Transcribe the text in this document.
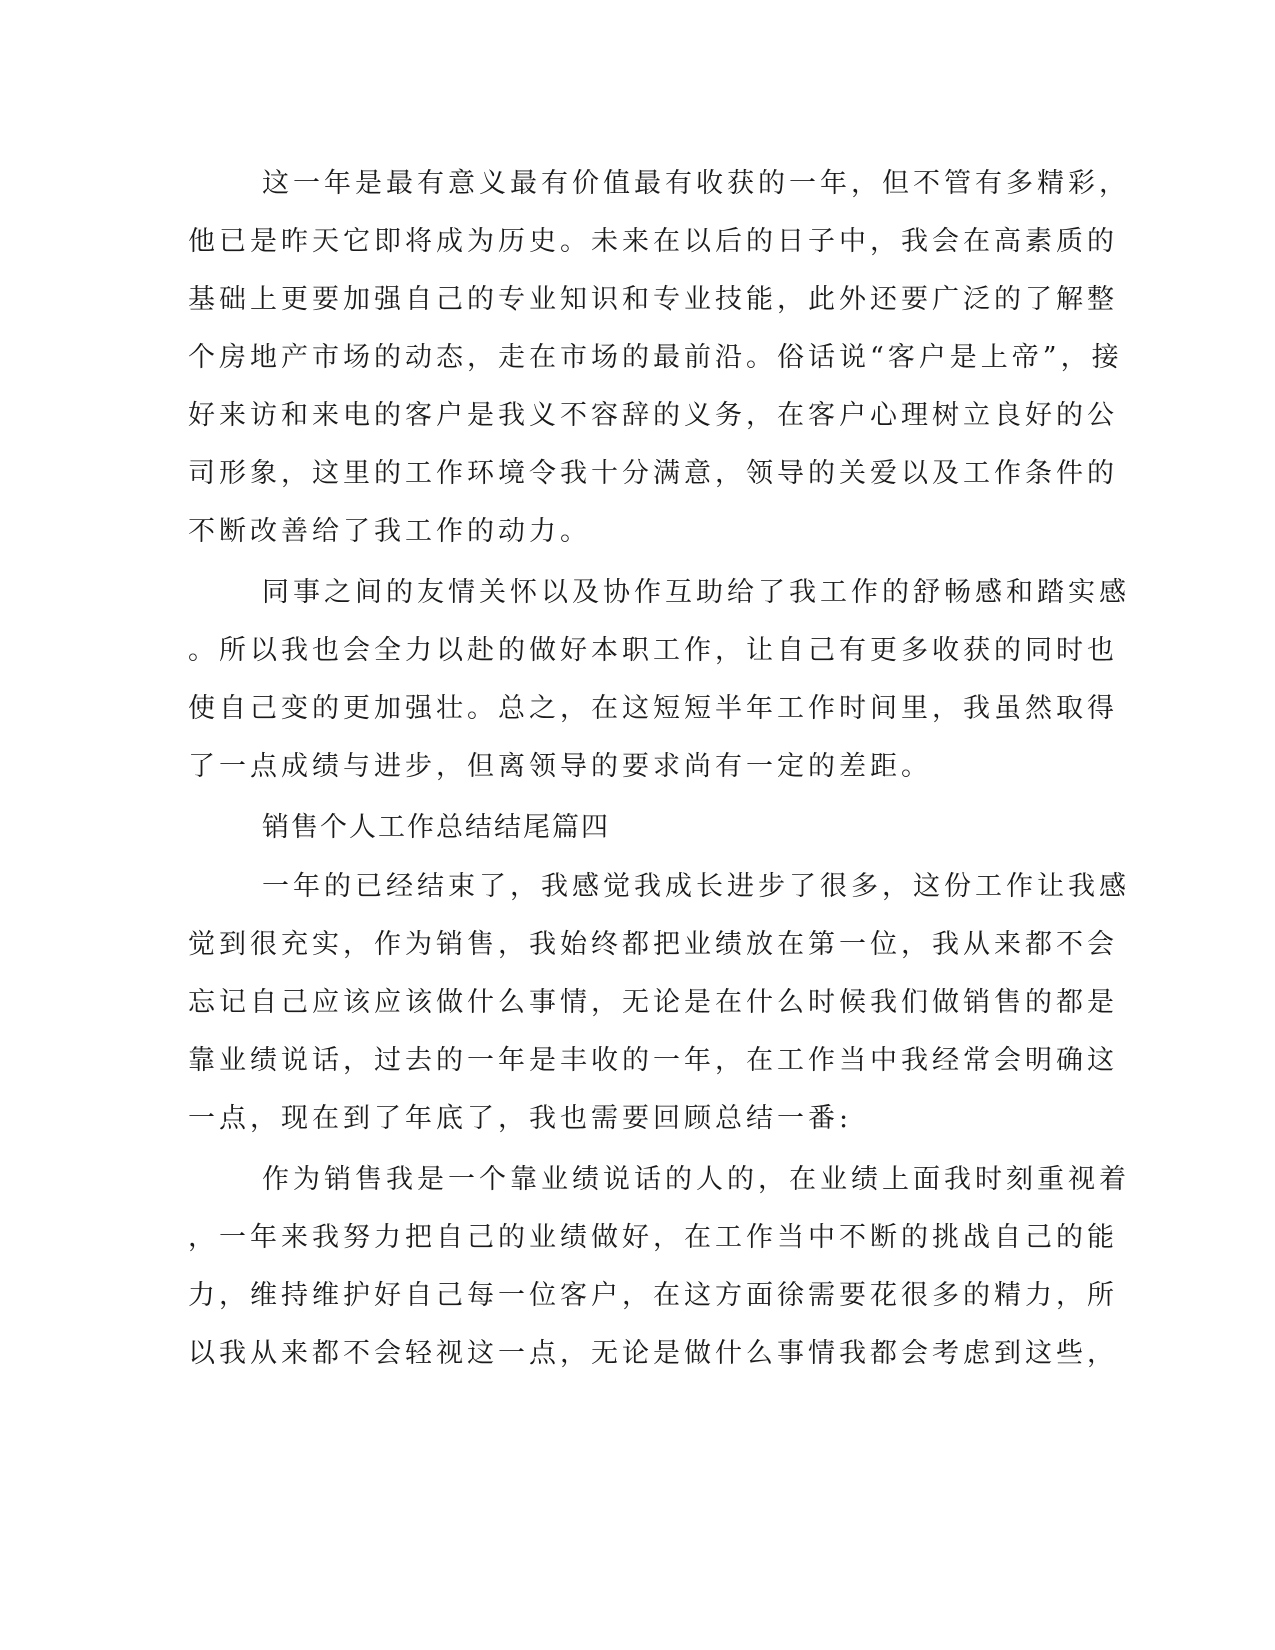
这一年是最有意义最有价值最有收获的一年，但不管有多精彩，
他已是昨天它即将成为历史。未来在以后的日子中，我会在高素质的
基础上更要加强自己的专业知识和专业技能，此外还要广泛的了解整
个房地产市场的动态，走在市场的最前沿。俗话说“客户是上帝”，接
好来访和来电的客户是我义不容辞的义务，在客户心理树立良好的公
司形象，这里的工作环境令我十分满意，领导的关爱以及工作条件的
不断改善给了我工作的动力。
同事之间的友情关怀以及协作互助给了我工作的舒畅感和踏实感
。所以我也会全力以赴的做好本职工作，让自己有更多收获的同时也
使自己变的更加强壮。总之，在这短短半年工作时间里，我虽然取得
了一点成绩与进步，但离领导的要求尚有一定的差距。
销售个人工作总结结尾篇四
一年的已经结束了，我感觉我成长进步了很多，这份工作让我感
觉到很充实，作为销售，我始终都把业绩放在第一位，我从来都不会
忘记自己应该应该做什么事情，无论是在什么时候我们做销售的都是
靠业绩说话，过去的一年是丰收的一年，在工作当中我经常会明确这
一点，现在到了年底了，我也需要回顾总结一番:
作为销售我是一个靠业绩说话的人的，在业绩上面我时刻重视着
，一年来我努力把自己的业绩做好，在工作当中不断的挑战自己的能
力，维持维护好自己每一位客户，在这方面徐需要花很多的精力，所
以我从来都不会轻视这一点，无论是做什么事情我都会考虑到这些，
